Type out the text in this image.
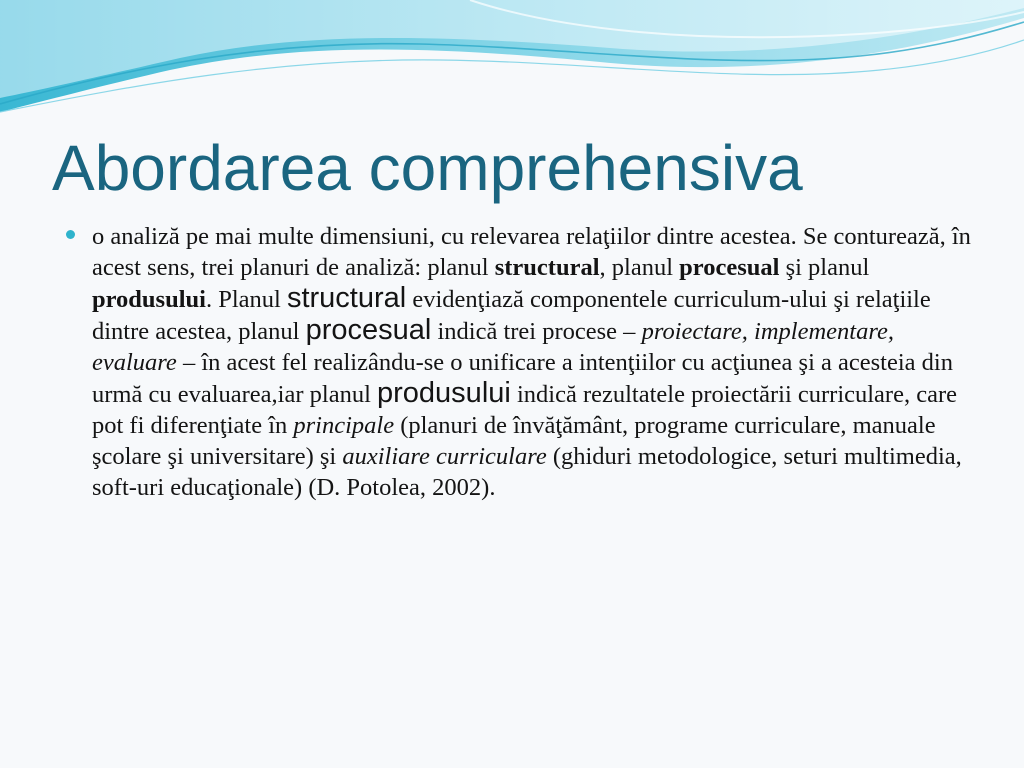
Abordarea comprehensiva

o analiză pe mai multe dimensiuni, cu relevarea relaţiilor dintre acestea. Se conturează, în acest sens, trei planuri de analiză: planul structural, planul procesual şi planul produsului. Planul structural evidenţiază componentele curriculum-ului şi relaţiile dintre acestea, planul procesual indică trei procese – proiectare, implementare, evaluare – în acest fel realizându-se o unificare a intenţiilor cu acţiunea şi a acesteia din urmă cu evaluarea,iar planul produsului indică rezultatele proiectării curriculare, care pot fi diferenţiate în principale (planuri de învăţământ, programe curriculare, manuale şcolare şi universitare) şi auxiliare curriculare (ghiduri metodologice, seturi multimedia, soft-uri educaţionale) (D. Potolea, 2002).
